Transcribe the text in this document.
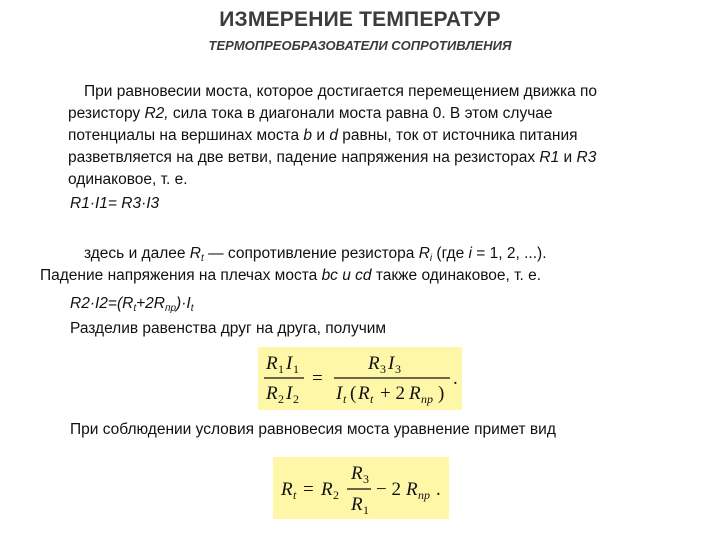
ИЗМЕРЕНИЕ ТЕМПЕРАТУР
ТЕРМОПРЕОБРАЗОВАТЕЛИ СОПРОТИВЛЕНИЯ
При равновесии моста, которое достигается перемещением движка по
резистору R2, сила тока в диагонали моста равна 0. В этом случае
потенциалы на вершинах моста b и d равны, ток от источника питания
разветвляется на две ветви, падение напряжения на резисторах R1 и R3
одинаковое, т. е.
R1·I1= R3·I3
здесь и далее $R_t$ — сопротивление резистора $R_i$ (где i = 1, 2, ...).
Падение напряжения на плечах моста bc и cd также одинаковое, т. е.
$R2\cdot I2=(R_t+2R_{пр})\cdot I_t$
Разделив равенства друг на друга, получим
R 1 I 1
R 2 I 2
=
R 3 I 3
I t ( R t + 2 R пр )
.
При соблюдении условия равновесия моста уравнение примет вид
R t = R 2
R 3
R 1
− 2 R пр .
